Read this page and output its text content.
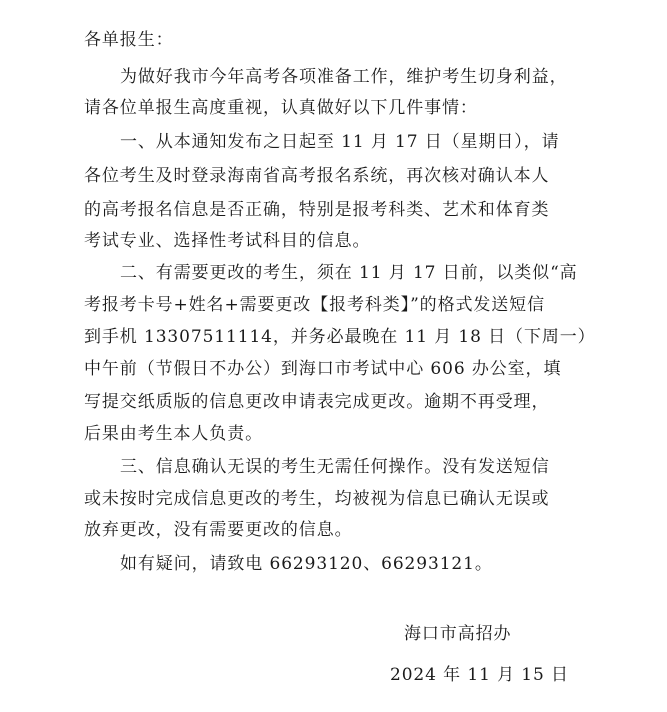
各单报生：
为做好我市今年高考各项准备工作，维护考生切身利益，
请各位单报生高度重视，认真做好以下几件事情：
一、从本通知发布之日起至 11 月 17 日（星期日），请
各位考生及时登录海南省高考报名系统，再次核对确认本人
的高考报名信息是否正确，特别是报考科类、艺术和体育类
考试专业、选择性考试科目的信息。
二、有需要更改的考生，须在 11 月 17 日前，以类似“高
考报考卡号+姓名+需要更改【报考科类】”的格式发送短信
到手机 13307511114，并务必最晚在 11 月 18 日（下周一）
中午前（节假日不办公）到海口市考试中心 606 办公室，填
写提交纸质版的信息更改申请表完成更改。逾期不再受理，
后果由考生本人负责。
三、信息确认无误的考生无需任何操作。没有发送短信
或未按时完成信息更改的考生，均被视为信息已确认无误或
放弃更改，没有需要更改的信息。
如有疑问，请致电 66293120、66293121。
海口市高招办
2024 年 11 月 15 日
